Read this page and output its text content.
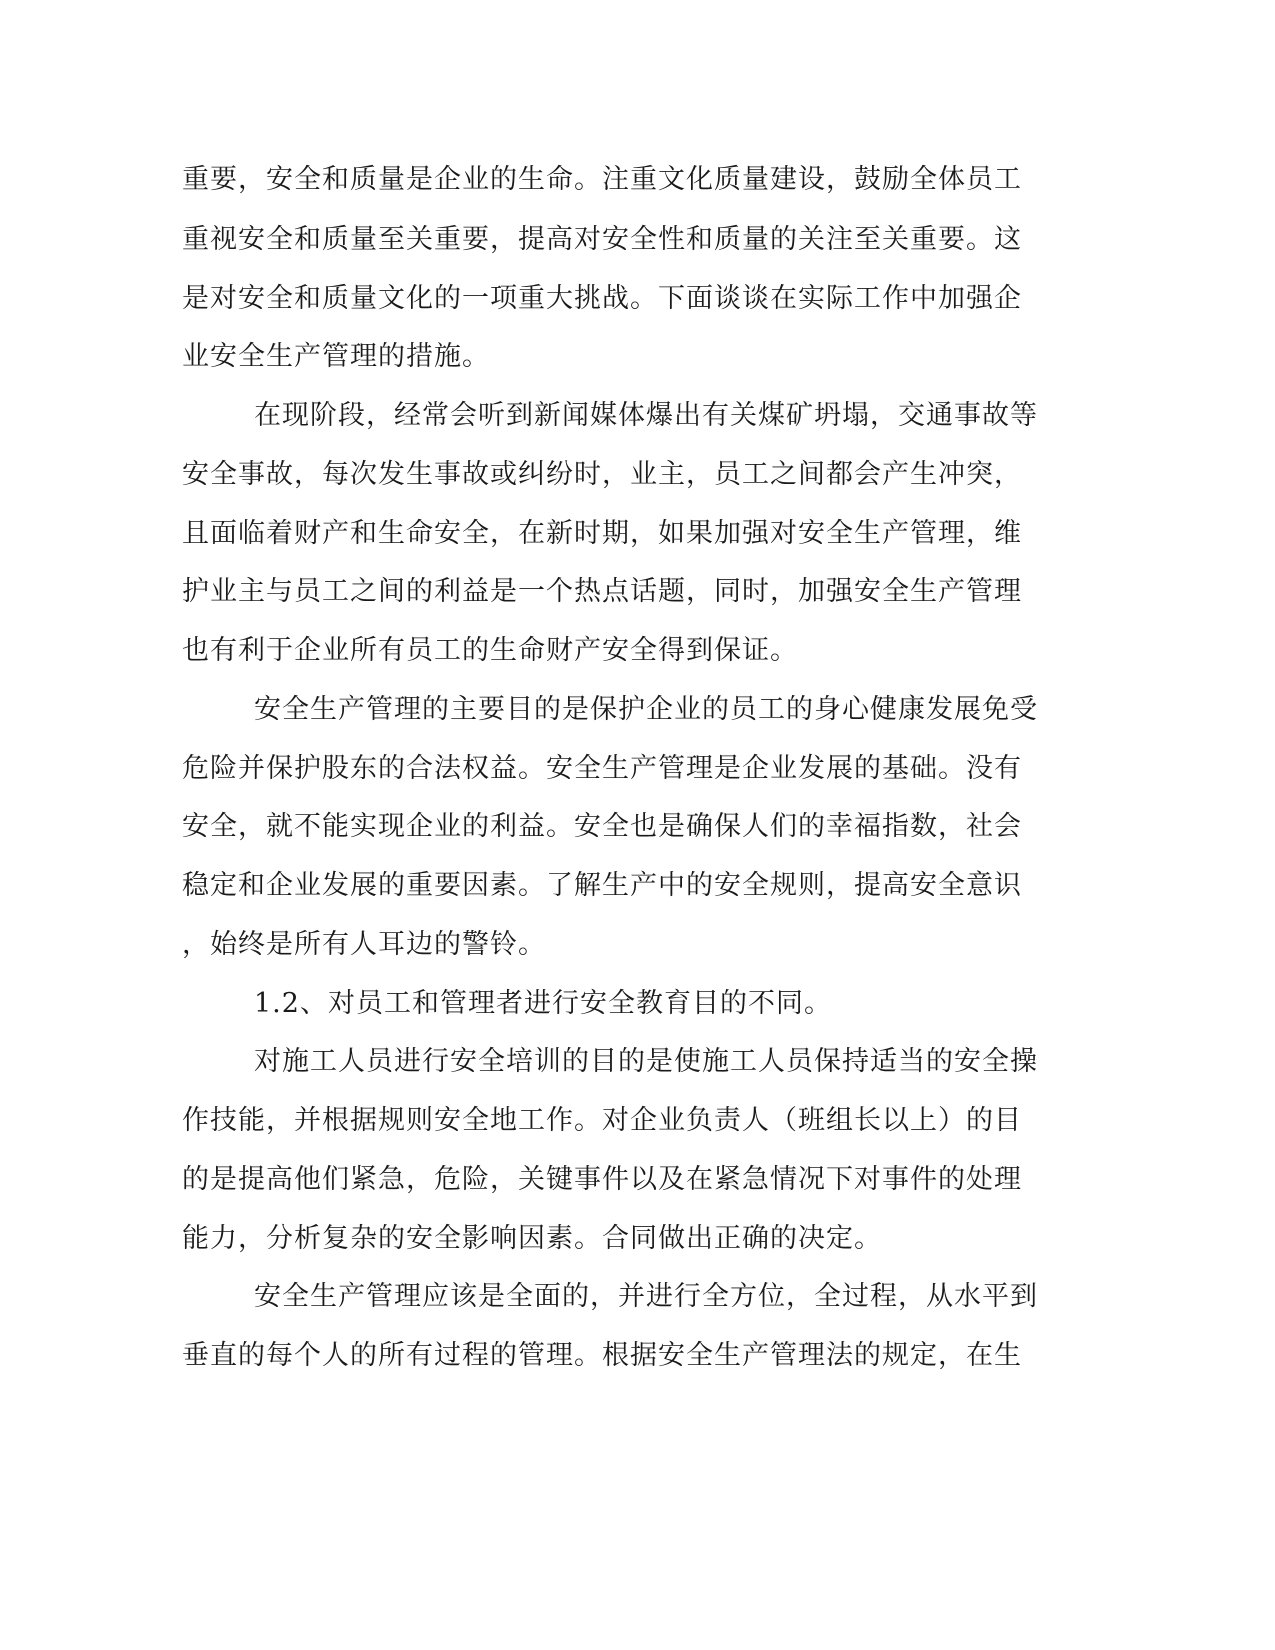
重要，安全和质量是企业的生命。注重文化质量建设，鼓励全体员工
重视安全和质量至关重要，提高对安全性和质量的关注至关重要。这
是对安全和质量文化的一项重大挑战。下面谈谈在实际工作中加强企
业安全生产管理的措施。
在现阶段，经常会听到新闻媒体爆出有关煤矿坍塌，交通事故等
安全事故，每次发生事故或纠纷时，业主，员工之间都会产生冲突，
且面临着财产和生命安全，在新时期，如果加强对安全生产管理，维
护业主与员工之间的利益是一个热点话题，同时，加强安全生产管理
也有利于企业所有员工的生命财产安全得到保证。
安全生产管理的主要目的是保护企业的员工的身心健康发展免受
危险并保护股东的合法权益。安全生产管理是企业发展的基础。没有
安全，就不能实现企业的利益。安全也是确保人们的幸福指数，社会
稳定和企业发展的重要因素。了解生产中的安全规则，提高安全意识
，始终是所有人耳边的警铃。
1.2、对员工和管理者进行安全教育目的不同。
对施工人员进行安全培训的目的是使施工人员保持适当的安全操
作技能，并根据规则安全地工作。对企业负责人（班组长以上）的目
的是提高他们紧急，危险，关键事件以及在紧急情况下对事件的处理
能力，分析复杂的安全影响因素。合同做出正确的决定。
安全生产管理应该是全面的，并进行全方位，全过程，从水平到
垂直的每个人的所有过程的管理。根据安全生产管理法的规定，在生
